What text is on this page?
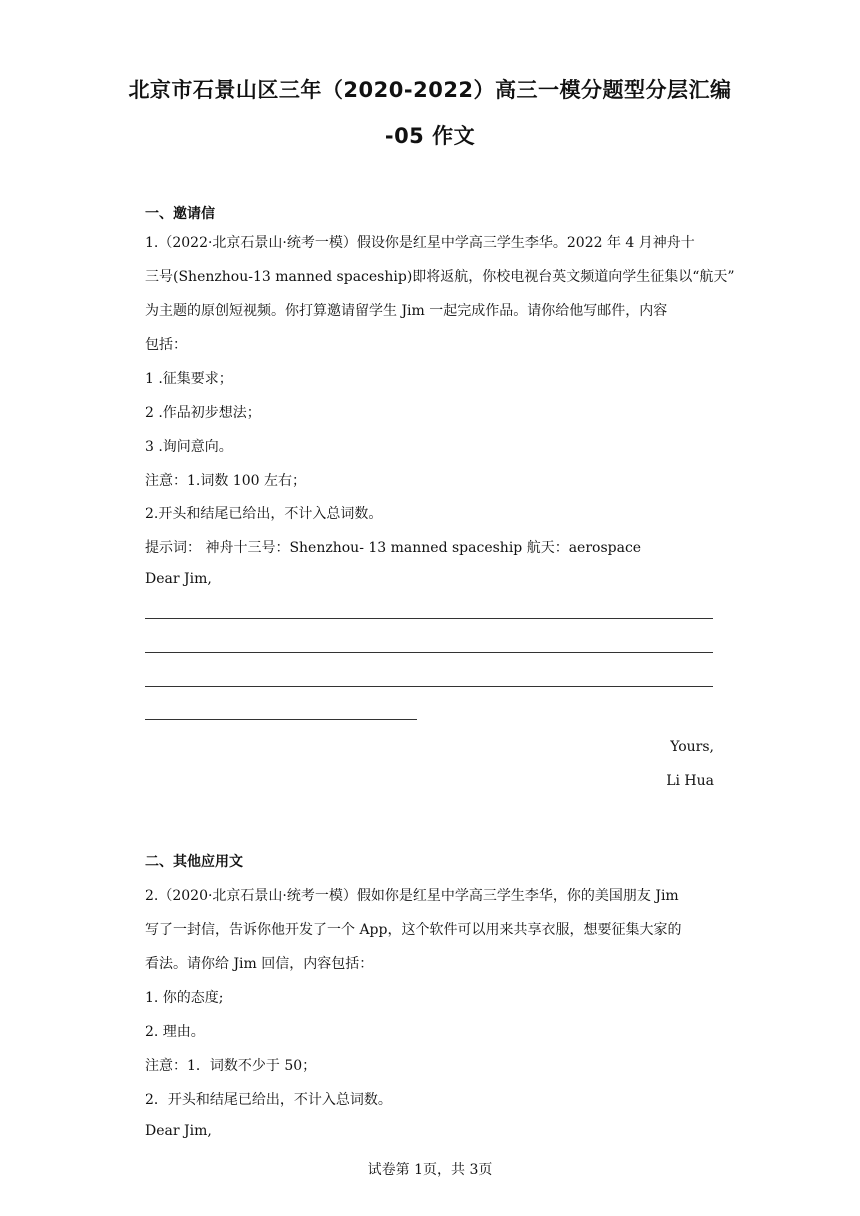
北京市石景山区三年（2020-2022）高三一模分题型分层汇编
-05 作文
一、邀请信
1.（2022·北京石景山·统考一模）假设你是红星中学高三学生李华。2022 年 4 月神舟十
三号(Shenzhou-13 manned spaceship)即将返航，你校电视台英文频道向学生征集以“航天”
为主题的原创短视频。你打算邀请留学生 Jim 一起完成作品。请你给他写邮件，内容
包括：
1 .征集要求；
2 .作品初步想法；
3 .询问意向。
注意：1.词数 100 左右；
2.开头和结尾已给出，不计入总词数。
提示词： 神舟十三号：Shenzhou- 13 manned spaceship 航天：aerospace
Dear Jim,
Yours,
Li Hua
二、其他应用文
2.（2020·北京石景山·统考一模）假如你是红星中学高三学生李华，你的美国朋友 Jim
写了一封信，告诉你他开发了一个 App，这个软件可以用来共享衣服，想要征集大家的
看法。请你给 Jim 回信，内容包括：
1. 你的态度;
2. 理由。
注意：1．词数不少于 50；
2．开头和结尾已给出，不计入总词数。
Dear Jim,
试卷第 1页，共 3页
